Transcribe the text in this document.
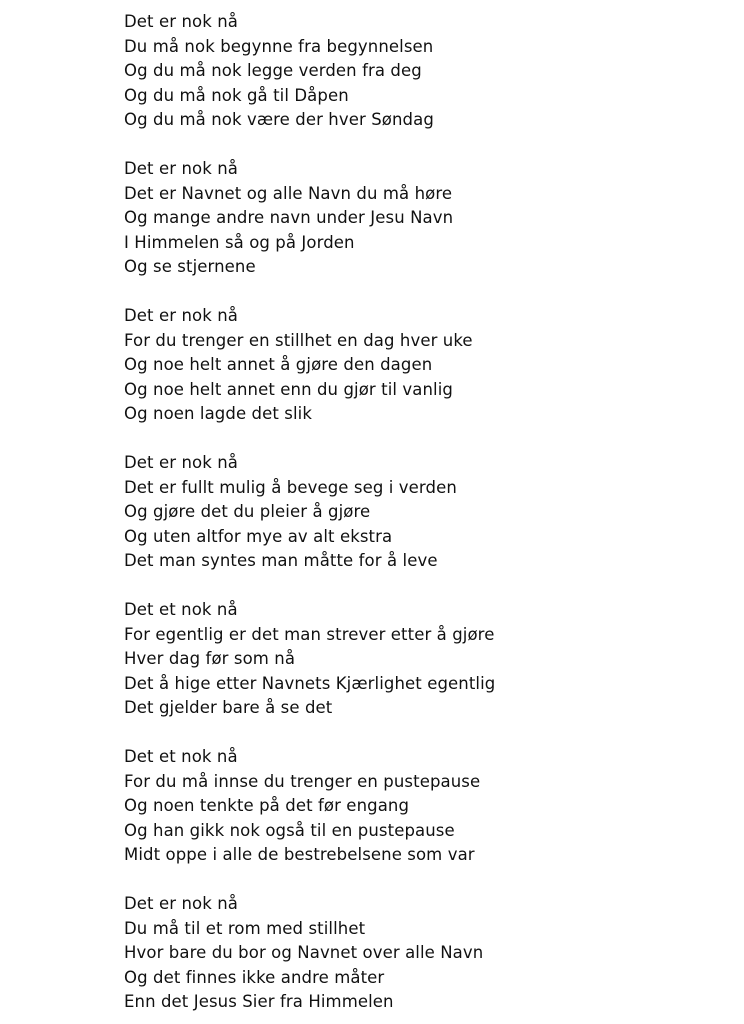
Det er nok nå
Du må nok begynne fra begynnelsen
Og du må nok legge verden fra deg
Og du må nok gå til Dåpen
Og du må nok være der hver Søndag
Det er nok nå
Det er Navnet og alle Navn du må høre
Og mange andre navn under Jesu Navn
I Himmelen så og på Jorden
Og se stjernene
Det er nok nå
For du trenger en stillhet en dag hver uke
Og noe helt annet å gjøre den dagen
Og noe helt annet enn du gjør til vanlig
Og noen lagde det slik
Det er nok nå
Det er fullt mulig å bevege seg i verden
Og gjøre det du pleier å gjøre
Og uten altfor mye av alt ekstra
Det man syntes man måtte for å leve
Det et nok nå
For egentlig er det man strever etter å gjøre
Hver dag før som nå
Det å hige etter Navnets Kjærlighet egentlig
Det gjelder bare å se det
Det et nok nå
For du må innse du trenger en pustepause
Og noen tenkte på det før engang
Og han gikk nok også til en pustepause
Midt oppe i alle de bestrebelsene som var
Det er nok nå
Du må til et rom med stillhet
Hvor bare du bor og Navnet over alle Navn
Og det finnes ikke andre måter
Enn det Jesus Sier fra Himmelen
